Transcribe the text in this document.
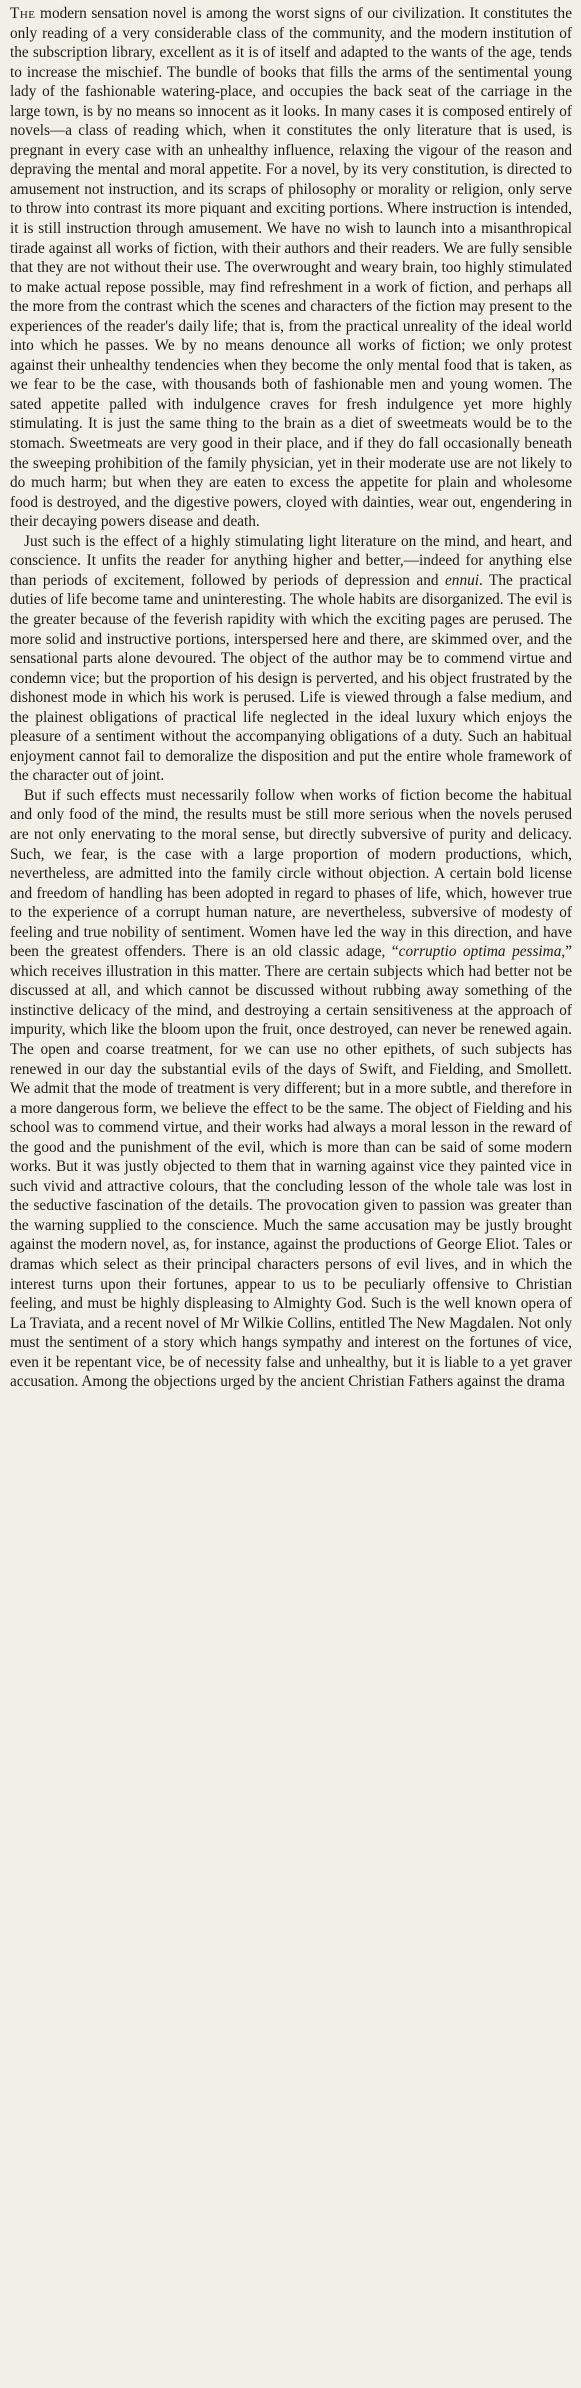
The modern sensation novel is among the worst signs of our civilization. It constitutes the only reading of a very considerable class of the community, and the modern institution of the subscription library, excellent as it is of itself and adapted to the wants of the age, tends to increase the mischief. The bundle of books that fills the arms of the sentimental young lady of the fashionable watering-place, and occupies the back seat of the carriage in the large town, is by no means so innocent as it looks. In many cases it is composed entirely of novels—a class of reading which, when it constitutes the only literature that is used, is pregnant in every case with an unhealthy influence, relaxing the vigour of the reason and depraving the mental and moral appetite. For a novel, by its very constitution, is directed to amusement not instruction, and its scraps of philosophy or morality or religion, only serve to throw into contrast its more piquant and exciting portions. Where instruction is intended, it is still instruction through amusement. We have no wish to launch into a misanthropical tirade against all works of fiction, with their authors and their readers. We are fully sensible that they are not without their use. The overwrought and weary brain, too highly stimulated to make actual repose possible, may find refreshment in a work of fiction, and perhaps all the more from the contrast which the scenes and characters of the fiction may present to the experiences of the reader's daily life; that is, from the practical unreality of the ideal world into which he passes. We by no means denounce all works of fiction; we only protest against their unhealthy tendencies when they become the only mental food that is taken, as we fear to be the case, with thousands both of fashionable men and young women. The sated appetite palled with indulgence craves for fresh indulgence yet more highly stimulating. It is just the same thing to the brain as a diet of sweetmeats would be to the stomach. Sweetmeats are very good in their place, and if they do fall occasionally beneath the sweeping prohibition of the family physician, yet in their moderate use are not likely to do much harm; but when they are eaten to excess the appetite for plain and wholesome food is destroyed, and the digestive powers, cloyed with dainties, wear out, engendering in their decaying powers disease and death.

Just such is the effect of a highly stimulating light literature on the mind, and heart, and conscience. It unfits the reader for anything higher and better,—indeed for anything else than periods of excitement, followed by periods of depression and ennui. The practical duties of life become tame and uninteresting. The whole habits are disorganized. The evil is the greater because of the feverish rapidity with which the exciting pages are perused. The more solid and instructive portions, interspersed here and there, are skimmed over, and the sensational parts alone devoured. The object of the author may be to commend virtue and condemn vice; but the proportion of his design is perverted, and his object frustrated by the dishonest mode in which his work is perused. Life is viewed through a false medium, and the plainest obligations of practical life neglected in the ideal luxury which enjoys the pleasure of a sentiment without the accompanying obligations of a duty. Such an habitual enjoyment cannot fail to demoralize the disposition and put the entire whole framework of the character out of joint.

But if such effects must necessarily follow when works of fiction become the habitual and only food of the mind, the results must be still more serious when the novels perused are not only enervating to the moral sense, but directly subversive of purity and delicacy. Such, we fear, is the case with a large proportion of modern productions, which, nevertheless, are admitted into the family circle without objection. A certain bold license and freedom of handling has been adopted in regard to phases of life, which, however true to the experience of a corrupt human nature, are nevertheless, subversive of modesty of feeling and true nobility of sentiment. Women have led the way in this direction, and have been the greatest offenders. There is an old classic adage, “corruptio optima pessima,” which receives illustration in this matter. There are certain subjects which had better not be discussed at all, and which cannot be discussed without rubbing away something of the instinctive delicacy of the mind, and destroying a certain sensitiveness at the approach of impurity, which like the bloom upon the fruit, once destroyed, can never be renewed again. The open and coarse treatment, for we can use no other epithets, of such subjects has renewed in our day the substantial evils of the days of Swift, and Fielding, and Smollett. We admit that the mode of treatment is very different; but in a more subtle, and therefore in a more dangerous form, we believe the effect to be the same. The object of Fielding and his school was to commend virtue, and their works had always a moral lesson in the reward of the good and the punishment of the evil, which is more than can be said of some modern works. But it was justly objected to them that in warning against vice they painted vice in such vivid and attractive colours, that the concluding lesson of the whole tale was lost in the seductive fascination of the details. The provocation given to passion was greater than the warning supplied to the conscience. Much the same accusation may be justly brought against the modern novel, as, for instance, against the productions of George Eliot. Tales or dramas which select as their principal characters persons of evil lives, and in which the interest turns upon their fortunes, appear to us to be peculiarly offensive to Christian feeling, and must be highly displeasing to Almighty God. Such is the well known opera of La Traviata, and a recent novel of Mr Wilkie Collins, entitled The New Magdalen. Not only must the sentiment of a story which hangs sympathy and interest on the fortunes of vice, even it be repentant vice, be of necessity false and unhealthy, but it is liable to a yet graver accusation. Among the objections urged by the ancient Christian Fathers against the drama
